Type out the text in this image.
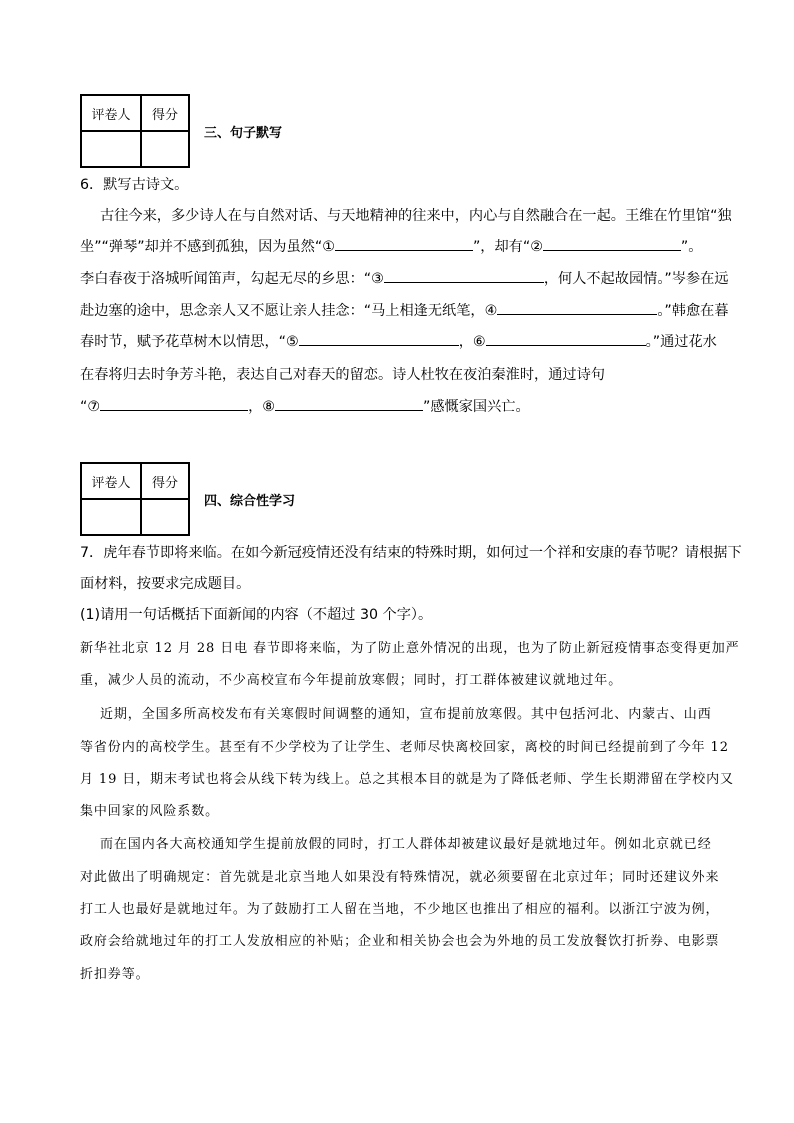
评卷人	得分

三、句子默写
6．默写古诗文。
古往今来，多少诗人在与自然对话、与天地精神的往来中，内心与自然融合在一起。王维在竹里馆“独
坐”“弹琴”却并不感到孤独，因为虽然“①	”，却有“②	”。
李白春夜于洛城听闻笛声，勾起无尽的乡思：“③	，何人不起故园情。”岑参在远
赴边塞的途中，思念亲人又不愿让亲人挂念：“马上相逢无纸笔，④	。”韩愈在暮
春时节，赋予花草树木以情思，“⑤	，⑥	。”通过花水
在春将归去时争芳斗艳，表达自己对春天的留恋。诗人杜牧在夜泊秦淮时，通过诗句
“⑦	，⑧	”感慨家国兴亡。
评卷人	得分

四、综合性学习
7．虎年春节即将来临。在如今新冠疫情还没有结束的特殊时期，如何过一个祥和安康的春节呢？请根据下
面材料，按要求完成题目。
(1)请用一句话概括下面新闻的内容（不超过 30 个字）。
新华社北京 12 月 28 日电 春节即将来临，为了防止意外情况的出现，也为了防止新冠疫情事态变得更加严
重，减少人员的流动，不少高校宣布今年提前放寒假；同时，打工群体被建议就地过年。
近期，全国多所高校发布有关寒假时间调整的通知，宣布提前放寒假。其中包括河北、内蒙古、山西
等省份内的高校学生。甚至有不少学校为了让学生、老师尽快离校回家，离校的时间已经提前到了今年 12
月 19 日，期末考试也将会从线下转为线上。总之其根本目的就是为了降低老师、学生长期滞留在学校内又
集中回家的风险系数。
而在国内各大高校通知学生提前放假的同时，打工人群体却被建议最好是就地过年。例如北京就已经
对此做出了明确规定：首先就是北京当地人如果没有特殊情况，就必须要留在北京过年；同时还建议外来
打工人也最好是就地过年。为了鼓励打工人留在当地，不少地区也推出了相应的福利。以浙江宁波为例，
政府会给就地过年的打工人发放相应的补贴；企业和相关协会也会为外地的员工发放餐饮打折券、电影票
折扣券等。
